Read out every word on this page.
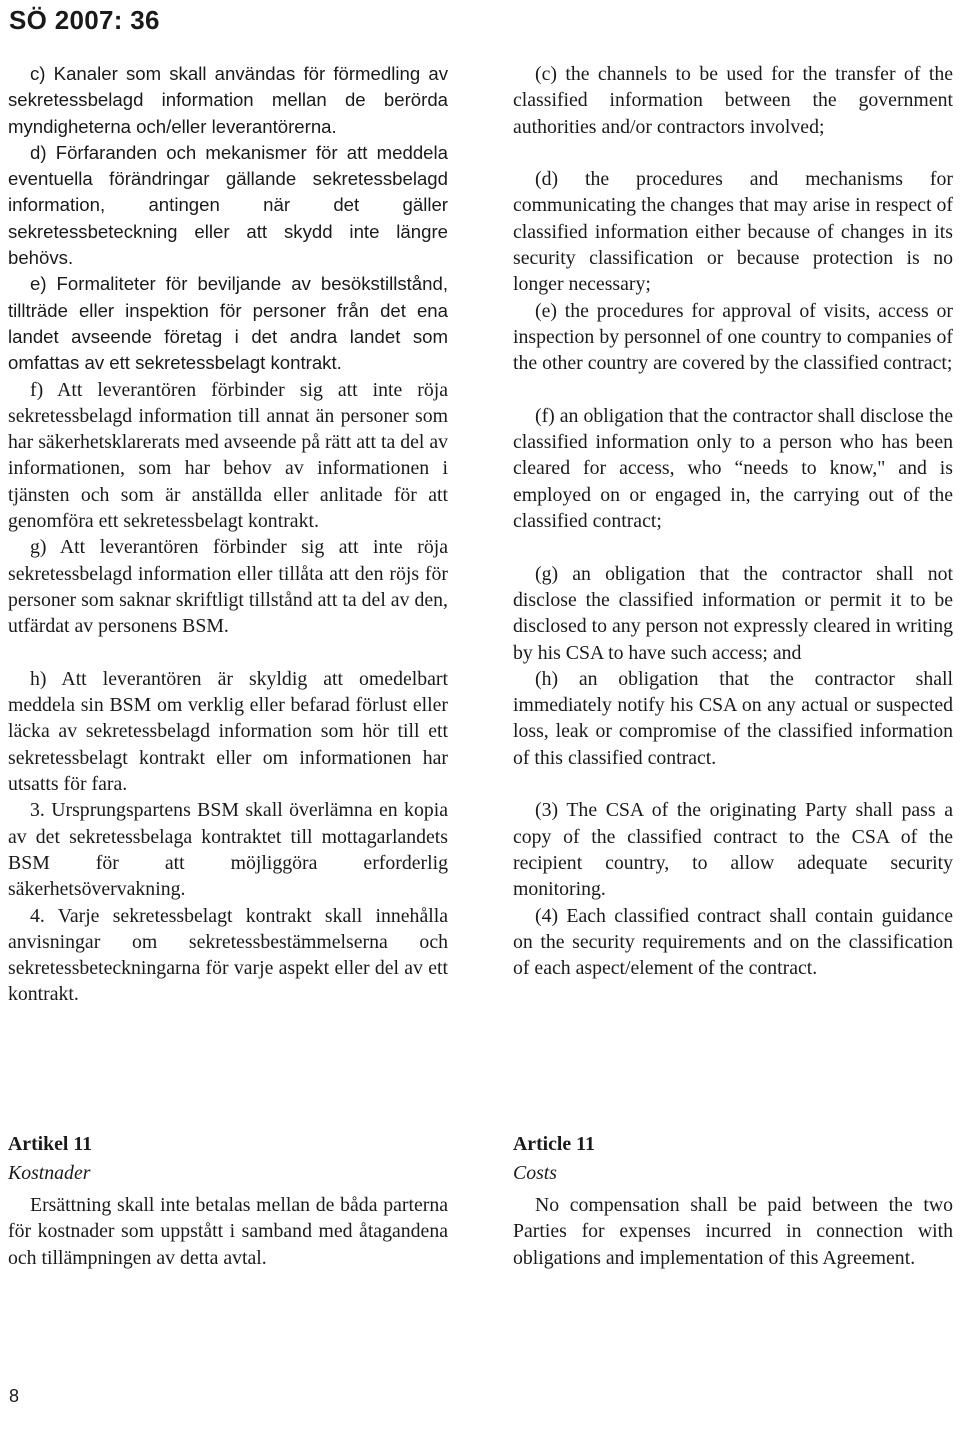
SÖ 2007: 36

c) Kanaler som skall användas för förmedling av sekretessbelagd information mellan de berörda myndigheterna och/eller leverantörerna.

d) Förfaranden och mekanismer för att meddela eventuella förändringar gällande sekretessbelagd information, antingen när det gäller sekretessbeteckning eller att skydd inte längre behövs.

e) Formaliteter för beviljande av besökstillstånd, tillträde eller inspektion för personer från det ena landet avseende företag i det andra landet som omfattas av ett sekretessbelagt kontrakt.

f) Att leverantören förbinder sig att inte röja sekretessbelagd information till annat än personer som har säkerhetsklarerats med avseende på rätt att ta del av informationen, som har behov av informationen i tjänsten och som är anställda eller anlitade för att genomföra ett sekretessbelagt kontrakt.

g) Att leverantören förbinder sig att inte röja sekretessbelagd information eller tillåta att den röjs för personer som saknar skriftligt tillstånd att ta del av den, utfärdat av personens BSM.

h) Att leverantören är skyldig att omedelbart meddela sin BSM om verklig eller befarad förlust eller läcka av sekretessbelagd information som hör till ett sekretessbelagt kontrakt eller om informationen har utsatts för fara.

3. Ursprungspartens BSM skall överlämna en kopia av det sekretessbelaga kontraktet till mottagarlandets BSM för att möjliggöra erforderlig säkerhetsövervakning.

4. Varje sekretessbelagt kontrakt skall innehålla anvisningar om sekretessbestämmelserna och sekretessbeteckningarna för varje aspekt eller del av ett kontrakt.

(c) the channels to be used for the transfer of the classified information between the government authorities and/or contractors involved;

(d) the procedures and mechanisms for communicating the changes that may arise in respect of classified information either because of changes in its security classification or because protection is no longer necessary;

(e) the procedures for approval of visits, access or inspection by personnel of one country to companies of the other country are covered by the classified contract;

(f) an obligation that the contractor shall disclose the classified information only to a person who has been cleared for access, who “needs to know," and is employed on or engaged in, the carrying out of the classified contract;

(g) an obligation that the contractor shall not disclose the classified information or permit it to be disclosed to any person not expressly cleared in writing by his CSA to have such access; and

(h) an obligation that the contractor shall immediately notify his CSA on any actual or suspected loss, leak or compromise of the classified information of this classified contract.

(3) The CSA of the originating Party shall pass a copy of the classified contract to the CSA of the recipient country, to allow adequate security monitoring.

(4) Each classified contract shall contain guidance on the security requirements and on the classification of each aspect/element of the contract.

Artikel 11
Kostnader

Ersättning skall inte betalas mellan de båda parterna för kostnader som uppstått i samband med åtagandena och tillämpningen av detta avtal.

Article 11
Costs

No compensation shall be paid between the two Parties for expenses incurred in connection with obligations and implementation of this Agreement.

8
